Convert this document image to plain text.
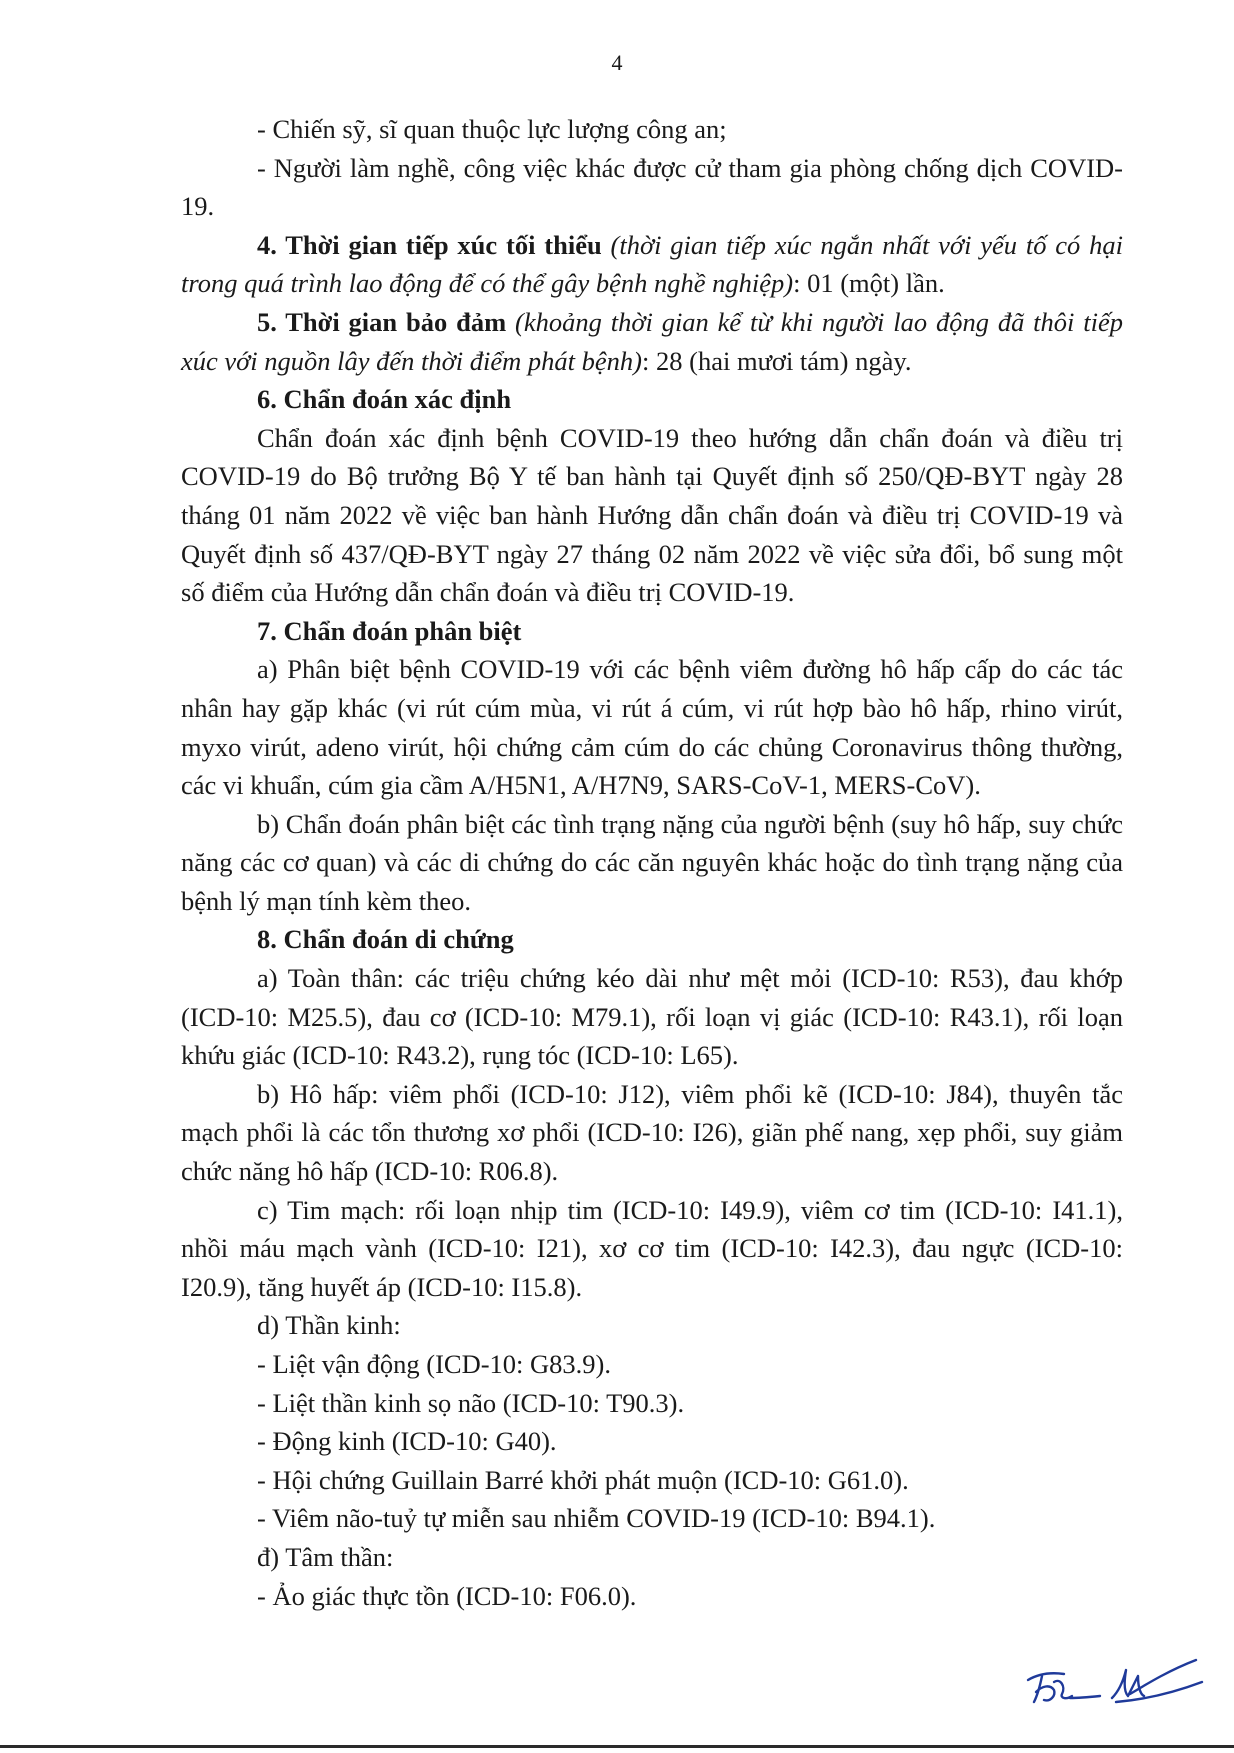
4

- Chiến sỹ, sĩ quan thuộc lực lượng công an;

- Người làm nghề, công việc khác được cử tham gia phòng chống dịch COVID-19.

4. Thời gian tiếp xúc tối thiểu (thời gian tiếp xúc ngắn nhất với yếu tố có hại trong quá trình lao động để có thể gây bệnh nghề nghiệp): 01 (một) lần.

5. Thời gian bảo đảm (khoảng thời gian kể từ khi người lao động đã thôi tiếp xúc với nguồn lây đến thời điểm phát bệnh): 28 (hai mươi tám) ngày.

6. Chẩn đoán xác định

Chẩn đoán xác định bệnh COVID-19 theo hướng dẫn chẩn đoán và điều trị COVID-19 do Bộ trưởng Bộ Y tế ban hành tại Quyết định số 250/QĐ-BYT ngày 28 tháng 01 năm 2022 về việc ban hành Hướng dẫn chẩn đoán và điều trị COVID-19 và Quyết định số 437/QĐ-BYT ngày 27 tháng 02 năm 2022 về việc sửa đổi, bổ sung một số điểm của Hướng dẫn chẩn đoán và điều trị COVID-19.

7. Chẩn đoán phân biệt

a) Phân biệt bệnh COVID-19 với các bệnh viêm đường hô hấp cấp do các tác nhân hay gặp khác (vi rút cúm mùa, vi rút á cúm, vi rút hợp bào hô hấp, rhino virút, myxo virút, adeno virút, hội chứng cảm cúm do các chủng Coronavirus thông thường, các vi khuẩn, cúm gia cầm A/H5N1, A/H7N9, SARS-CoV-1, MERS-CoV).

b) Chẩn đoán phân biệt các tình trạng nặng của người bệnh (suy hô hấp, suy chức năng các cơ quan) và các di chứng do các căn nguyên khác hoặc do tình trạng nặng của bệnh lý mạn tính kèm theo.

8. Chẩn đoán di chứng

a) Toàn thân: các triệu chứng kéo dài như mệt mỏi (ICD-10: R53), đau khớp (ICD-10: M25.5), đau cơ (ICD-10: M79.1), rối loạn vị giác (ICD-10: R43.1), rối loạn khứu giác (ICD-10: R43.2), rụng tóc (ICD-10: L65).

b) Hô hấp: viêm phổi (ICD-10: J12), viêm phổi kẽ (ICD-10: J84), thuyên tắc mạch phổi là các tổn thương xơ phổi (ICD-10: I26), giãn phế nang, xẹp phổi, suy giảm chức năng hô hấp (ICD-10: R06.8).

c) Tim mạch: rối loạn nhịp tim (ICD-10: I49.9), viêm cơ tim (ICD-10: I41.1), nhồi máu mạch vành (ICD-10: I21), xơ cơ tim (ICD-10: I42.3), đau ngực (ICD-10: I20.9), tăng huyết áp (ICD-10: I15.8).

d) Thần kinh:

- Liệt vận động (ICD-10: G83.9).

- Liệt thần kinh sọ não (ICD-10: T90.3).

- Động kinh (ICD-10: G40).

- Hội chứng Guillain Barré khởi phát muộn (ICD-10: G61.0).

- Viêm não-tuỷ tự miễn sau nhiễm COVID-19 (ICD-10: B94.1).

đ) Tâm thần:

- Ảo giác thực tồn (ICD-10: F06.0).
